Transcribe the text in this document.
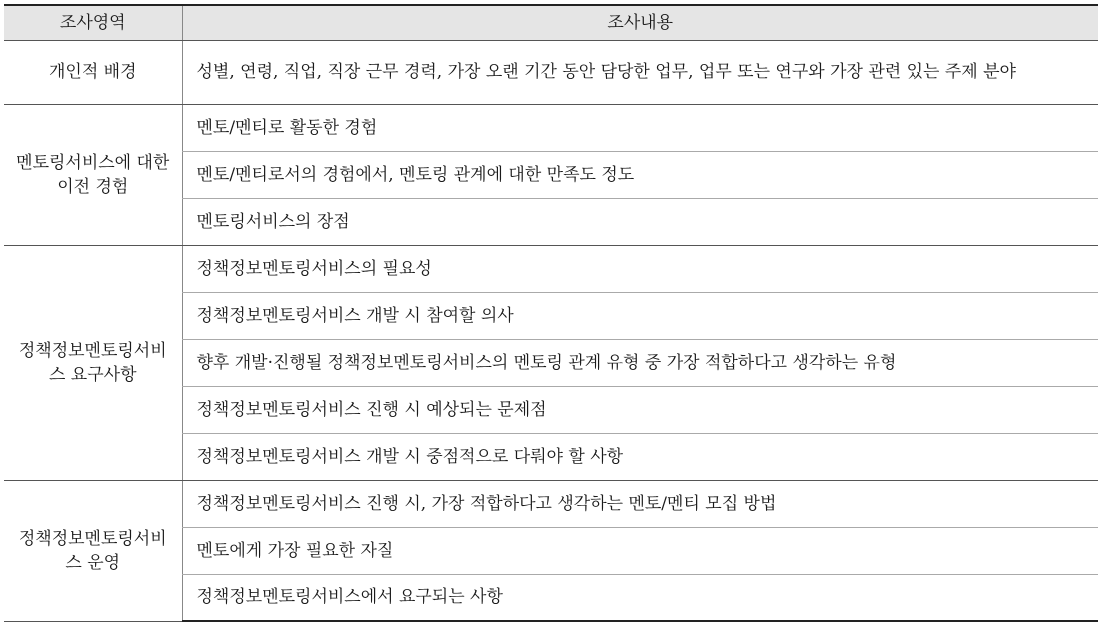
조사영역	조사내용
개인적 배경	성별, 연령, 직업, 직장 근무 경력, 가장 오랜 기간 동안 담당한 업무, 업무 또는 연구와 가장 관련 있는 주제 분야
멘토링서비스에 대한 이전 경험	멘토/멘티로 활동한 경험
	멘토/멘티로서의 경험에서, 멘토링 관계에 대한 만족도 정도
	멘토링서비스의 장점
정책정보멘토링서비스 요구사항	정책정보멘토링서비스의 필요성
	정책정보멘토링서비스 개발 시 참여할 의사
	향후 개발·진행될 정책정보멘토링서비스의 멘토링 관계 유형 중 가장 적합하다고 생각하는 유형
	정책정보멘토링서비스 진행 시 예상되는 문제점
	정책정보멘토링서비스 개발 시 중점적으로 다뤄야 할 사항
정책정보멘토링서비스 운영	정책정보멘토링서비스 진행 시, 가장 적합하다고 생각하는 멘토/멘티 모집 방법
	멘토에게 가장 필요한 자질
	정책정보멘토링서비스에서 요구되는 사항
